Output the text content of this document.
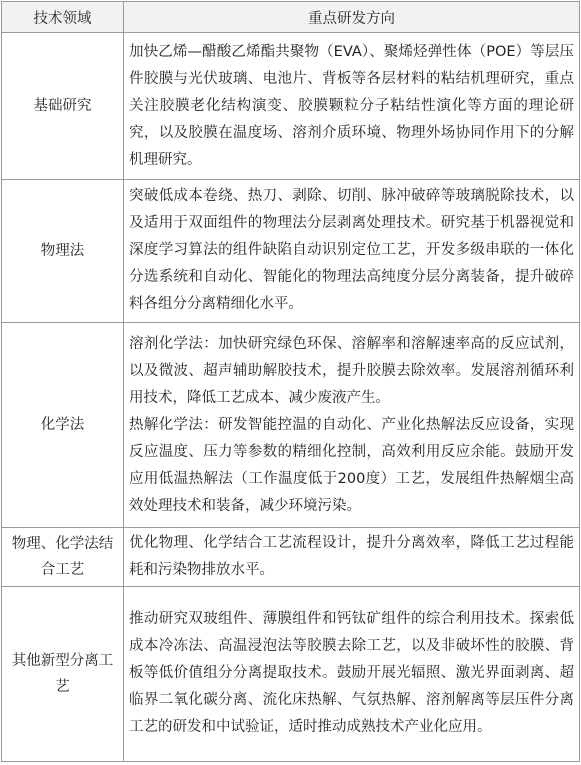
技术领域	重点研发方向

基础研究	加快乙烯—醋酸乙烯酯共聚物（EVA）、聚烯烃弹性体（POE）等层压件胶膜与光伏玻璃、电池片、背板等各层材料的粘结机理研究，重点关注胶膜老化结构演变、胶膜颗粒分子粘结性演化等方面的理论研究，以及胶膜在温度场、溶剂介质环境、物理外场协同作用下的分解机理研究。

物理法	突破低成本卷绕、热刀、剥除、切削、脉冲破碎等玻璃脱除技术，以及适用于双面组件的物理法分层剥离处理技术。研究基于机器视觉和深度学习算法的组件缺陷自动识别定位工艺，开发多级串联的一体化分选系统和自动化、智能化的物理法高纯度分层分离装备，提升破碎料各组分分离精细化水平。

化学法	溶剂化学法：加快研究绿色环保、溶解率和溶解速率高的反应试剂，以及微波、超声辅助解胶技术，提升胶膜去除效率。发展溶剂循环利用技术，降低工艺成本、减少废液产生。
热解化学法：研发智能控温的自动化、产业化热解法反应设备，实现反应温度、压力等参数的精细化控制，高效利用反应余能。鼓励开发应用低温热解法（工作温度低于200度）工艺，发展组件热解烟尘高效处理技术和装备，减少环境污染。

物理、化学法结合工艺	优化物理、化学结合工艺流程设计，提升分离效率，降低工艺过程能耗和污染物排放水平。

其他新型分离工艺	推动研究双玻组件、薄膜组件和钙钛矿组件的综合利用技术。探索低成本冷冻法、高温浸泡法等胶膜去除工艺，以及非破坏性的胶膜、背板等低价值组分分离提取技术。鼓励开展光辐照、激光界面剥离、超临界二氧化碳分离、流化床热解、气氛热解、溶剂解离等层压件分离工艺的研发和中试验证，适时推动成熟技术产业化应用。
